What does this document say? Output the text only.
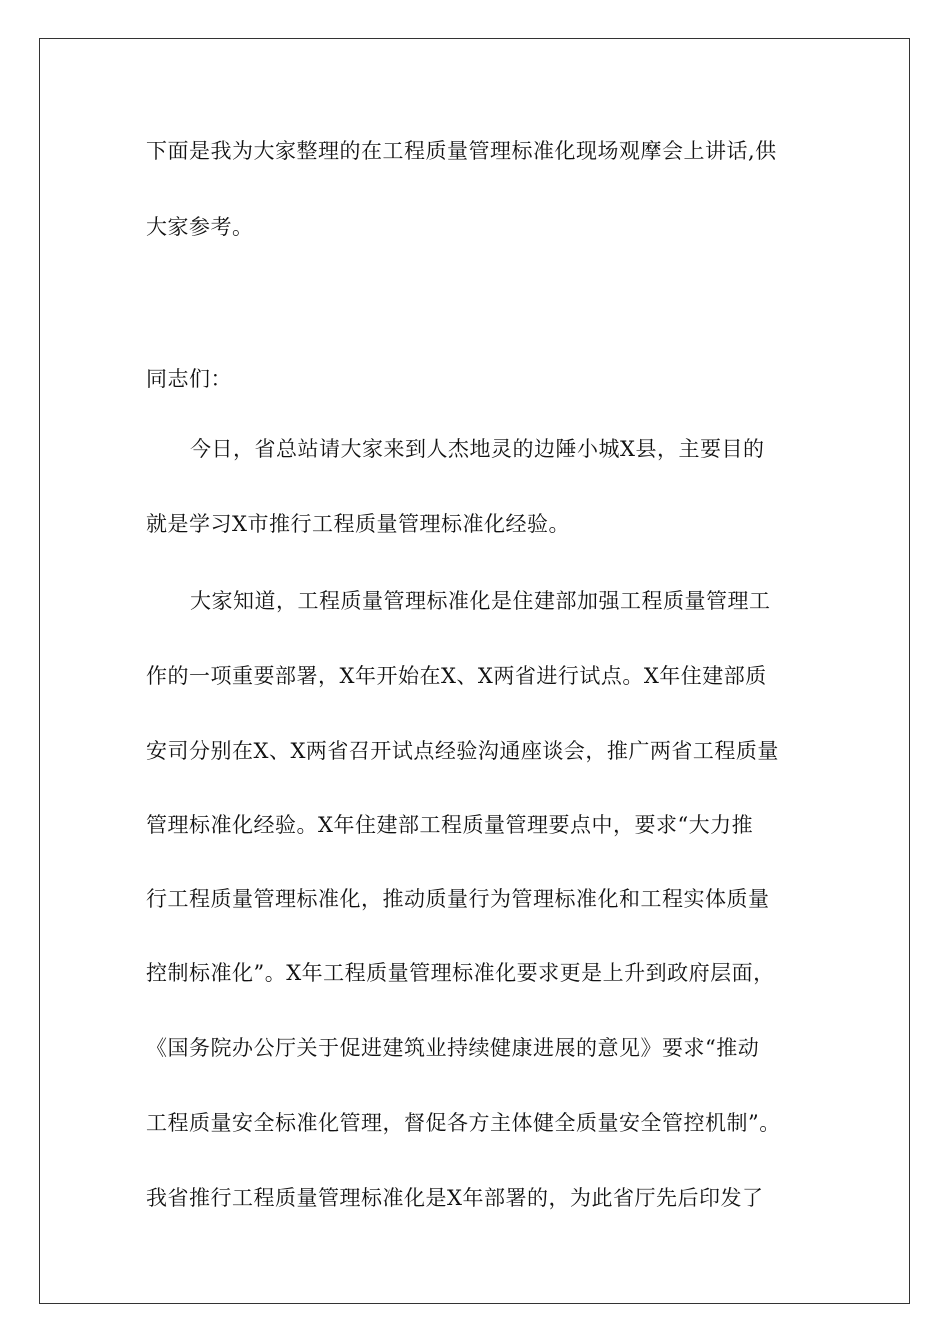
下面是我为大家整理的在工程质量管理标准化现场观摩会上讲话,供
大家参考。
同志们：
今日，省总站请大家来到人杰地灵的边陲小城X县，主要目的
就是学习X市推行工程质量管理标准化经验。
大家知道，工程质量管理标准化是住建部加强工程质量管理工
作的一项重要部署，X年开始在X、X两省进行试点。X年住建部质
安司分别在X、X两省召开试点经验沟通座谈会，推广两省工程质量
管理标准化经验。X年住建部工程质量管理要点中，要求“大力推
行工程质量管理标准化，推动质量行为管理标准化和工程实体质量
控制标准化”。X年工程质量管理标准化要求更是上升到政府层面，
《国务院办公厅关于促进建筑业持续健康进展的意见》要求“推动
工程质量安全标准化管理，督促各方主体健全质量安全管控机制”。
我省推行工程质量管理标准化是X年部署的，为此省厅先后印发了
